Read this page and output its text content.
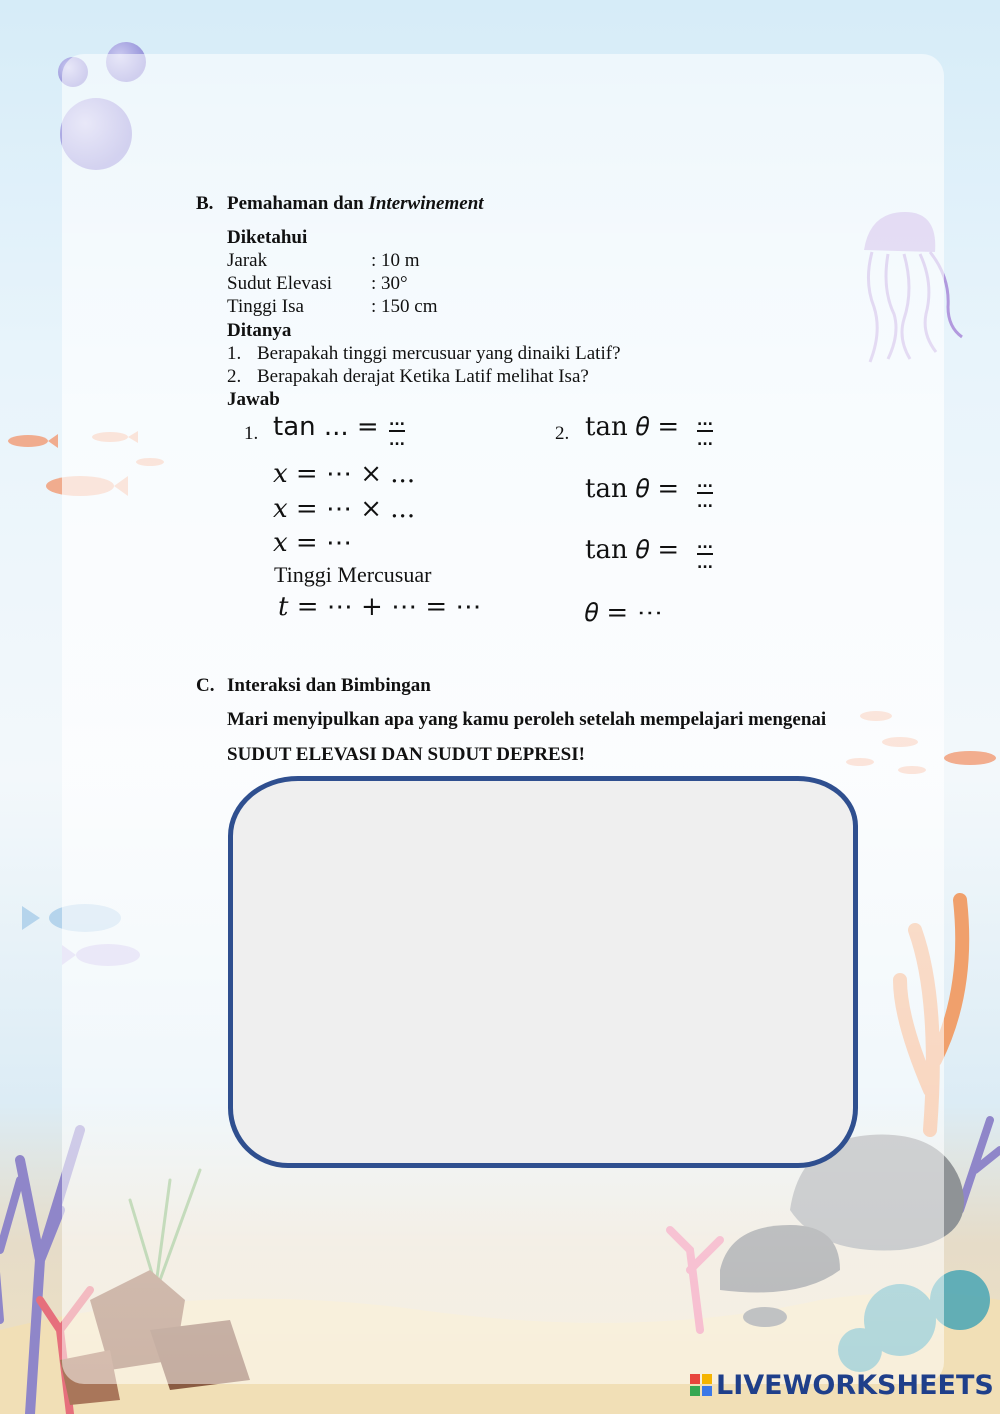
B. Pemahaman dan Interwinement
Diketahui
Jarak	: 10 m
Sudut Elevasi : 30°
Tinggi Isa	: 150 cm
Ditanya
1. Berapakah tinggi mercusuar yang dinaiki Latif?
2. Berapakah derajat Ketika Latif melihat Isa?
Jawab
1. tan ... = ...
...
𝑥 = ⋯ × ...
𝑥 = ⋯ × ...
𝑥 = ⋯
Tinggi Mercusuar
𝑡 = ⋯ + ⋯ = ⋯
2. tan 𝜃 = ...
...
tan 𝜃 = ...
...
tan 𝜃 = ...
...
𝜃 = ⋯
C. Interaksi dan Bimbingan
Mari menyipulkan apa yang kamu peroleh setelah mempelajari mengenai
SUDUT ELEVASI DAN SUDUT DEPRESI!
LIVEWORKSHEETS
